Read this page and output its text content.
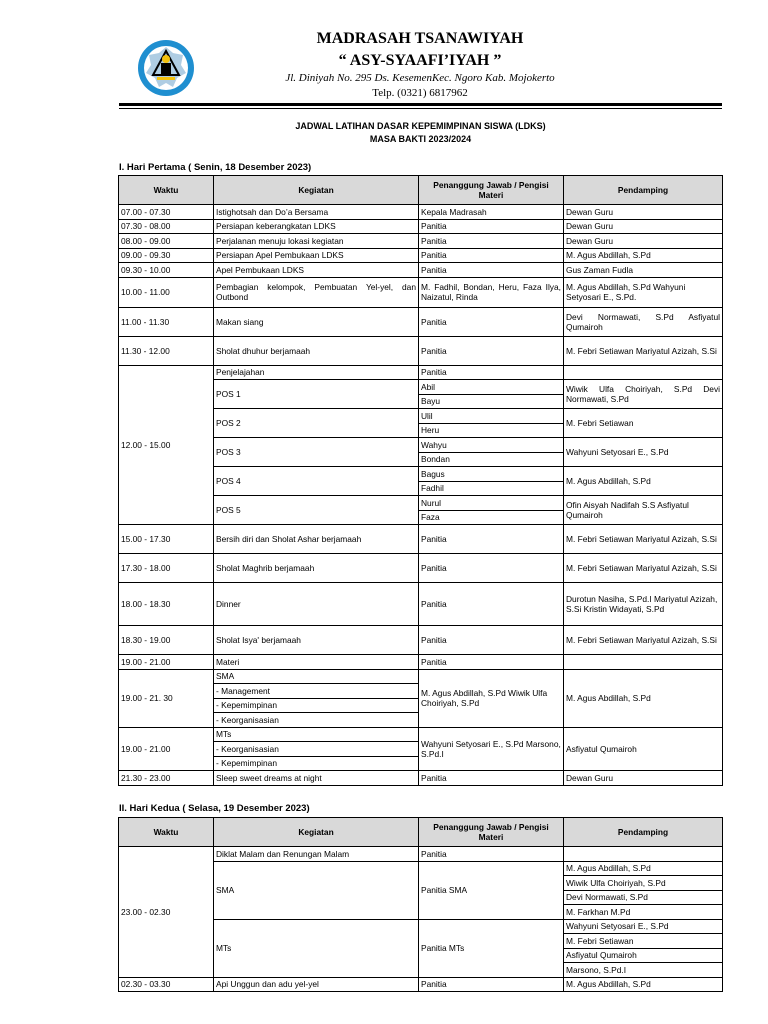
MADRASAH TSANAWIYAH
“ ASY-SYAAFI’IYAH ”
Jl. Diniyah No. 295 Ds. KesemenKec. Ngoro Kab. Mojokerto
Telp. (0321) 6817962
JADWAL LATIHAN DASAR KEPEMIMPINAN SISWA (LDKS)
MASA BAKTI 2023/2024
I. Hari Pertama ( Senin, 18 Desember 2023)
Waktu	Kegiatan	Penanggung Jawab / Pengisi Materi	Pendamping
07.00 - 07.30	Istighotsah dan Do’a Bersama	Kepala Madrasah	Dewan Guru
07.30 - 08.00	Persiapan keberangkatan LDKS	Panitia	Dewan Guru
08.00 - 09.00	Perjalanan menuju lokasi kegiatan	Panitia	Dewan Guru
09.00 - 09.30	Persiapan Apel Pembukaan LDKS	Panitia	M. Agus Abdillah, S.Pd
09.30 - 10.00	Apel Pembukaan LDKS	Panitia	Gus Zaman Fudla
10.00 - 11.00	Pembagian kelompok, Pembuatan Yel-yel, dan Outbond	M. Fadhil, Bondan, Heru, Faza Ilya, Naizatul, Rinda	M. Agus Abdillah, S.Pd Wahyuni Setyosari E., S.Pd.
11.00 - 11.30	Makan siang	Panitia	Devi Normawati, S.Pd Asfiyatul Qumairoh
11.30 - 12.00	Sholat dhuhur berjamaah	Panitia	M. Febri Setiawan Mariyatul Azizah, S.Si
12.00 - 15.00	Penjelajahan	Panitia	
	POS 1	Abil	Wiwik Ulfa Choiriyah, S.Pd Devi Normawati, S.Pd
		Bayu	
	POS 2	Ulil	M. Febri Setiawan
		Heru	
	POS 3	Wahyu	Wahyuni Setyosari E., S.Pd
		Bondan	
	POS 4	Bagus	M. Agus Abdillah, S.Pd
		Fadhil	
	POS 5	Nurul	Ofin Aisyah Nadifah S.S Asfiyatul Qumairoh
		Faza	
15.00 - 17.30	Bersih diri dan Sholat Ashar berjamaah	Panitia	M. Febri Setiawan Mariyatul Azizah, S.Si
17.30 - 18.00	Sholat Maghrib berjamaah	Panitia	M. Febri Setiawan Mariyatul Azizah, S.Si
18.00 - 18.30	Dinner	Panitia	Durotun Nasiha, S.Pd.I Mariyatul Azizah, S.Si Kristin Widayati, S.Pd
18.30 - 19.00	Sholat Isya' berjamaah	Panitia	M. Febri Setiawan Mariyatul Azizah, S.Si
19.00 - 21.00	Materi	Panitia	
19.00 - 21. 30	SMA	M. Agus Abdillah, S.Pd Wiwik Ulfa Choiriyah, S.Pd	M. Agus Abdillah, S.Pd
	- Management		
	- Kepemimpinan		
	- Keorganisasian		
19.00 - 21.00	MTs	Wahyuni Setyosari E., S.Pd Marsono, S.Pd.I	Asfiyatul Qumairoh
	- Keorganisasian		
	- Kepemimpinan		
21.30 - 23.00	Sleep sweet dreams at night	Panitia	Dewan Guru
II. Hari Kedua ( Selasa, 19 Desember 2023)
Waktu	Kegiatan	Penanggung Jawab / Pengisi Materi	Pendamping
23.00 - 02.30	Diklat Malam dan Renungan Malam	Panitia	
	SMA	Panitia SMA	M. Agus Abdillah, S.Pd
			Wiwik Ulfa Choiriyah, S.Pd
			Devi Normawati, S.Pd
			M. Farkhan M.Pd
	MTs	Panitia MTs	Wahyuni Setyosari E., S.Pd
			M. Febri Setiawan
			Asfiyatul Qumairoh
			Marsono, S.Pd.I
02.30 - 03.30	Api Unggun dan adu yel-yel	Panitia	M. Agus Abdillah, S.Pd
